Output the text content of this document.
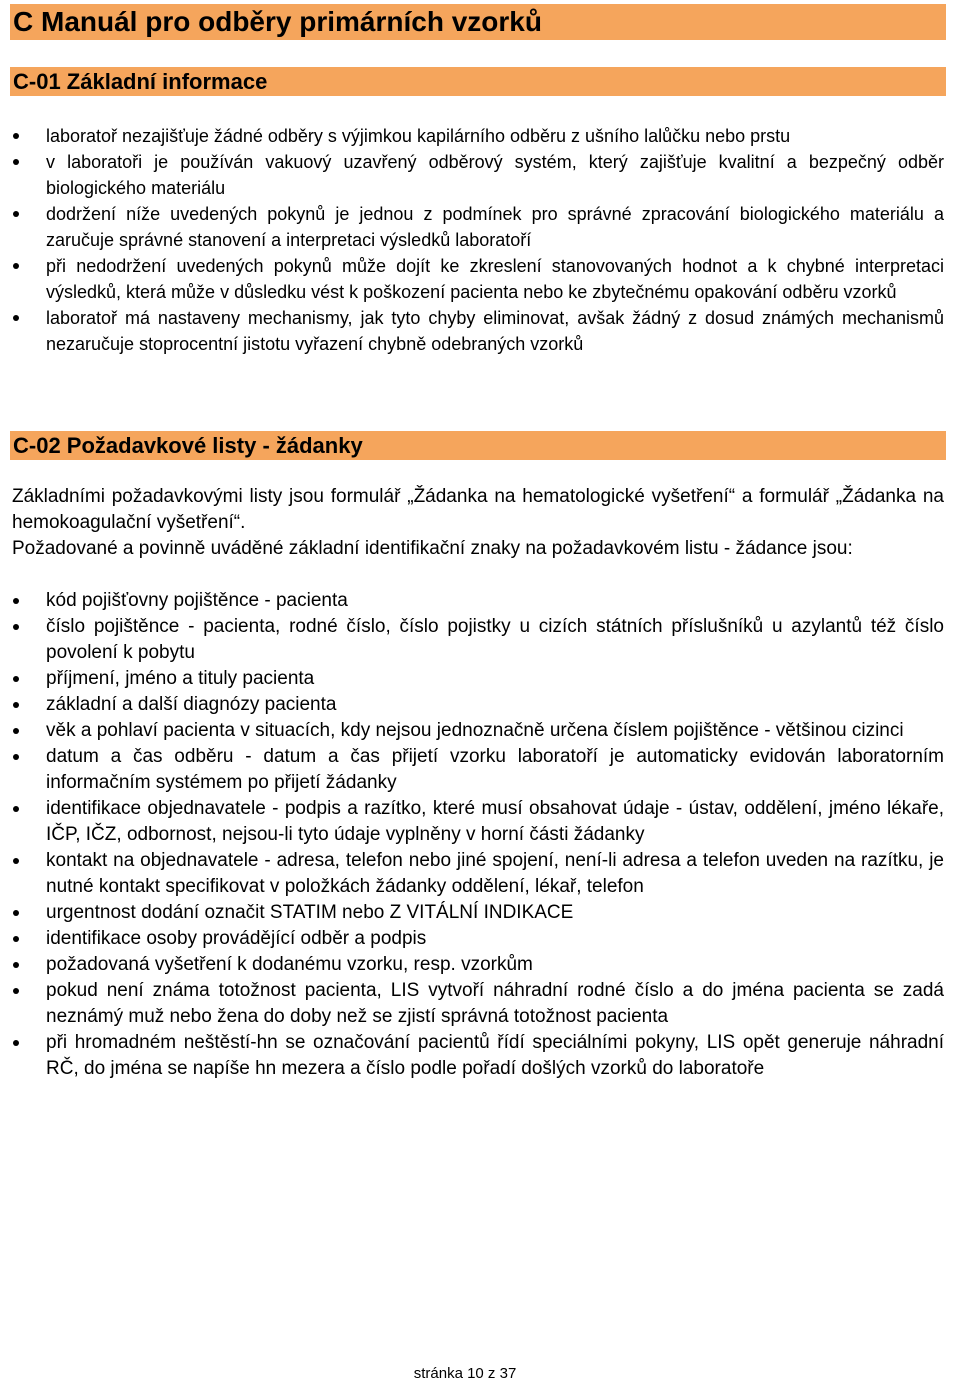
C Manuál pro odběry primárních vzorků
C-01 Základní informace
laboratoř nezajišťuje žádné odběry s výjimkou kapilárního odběru z ušního lalůčku nebo prstu
v laboratoři je používán vakuový uzavřený odběrový systém, který zajišťuje kvalitní a bezpečný odběr biologického materiálu
dodržení níže uvedených pokynů je jednou z podmínek pro správné zpracování biologického materiálu a zaručuje správné stanovení a interpretaci výsledků laboratoří
při nedodržení uvedených pokynů může dojít ke zkreslení stanovovaných hodnot a k chybné interpretaci výsledků, která může v důsledku vést k poškození pacienta nebo ke zbytečnému opakování odběru vzorků
laboratoř má nastaveny mechanismy, jak tyto chyby eliminovat, avšak žádný z dosud známých mechanismů nezaručuje stoprocentní jistotu vyřazení chybně odebraných vzorků
C-02 Požadavkové listy - žádanky

Základními požadavkovými listy jsou formulář „Žádanka na hematologické vyšetření“ a formulář „Žádanka na hemokoagulační vyšetření“.

Požadované a povinně uváděné základní identifikační znaky na požadavkovém listu - žádance jsou:

kód pojišťovny pojištěnce - pacienta
číslo pojištěnce - pacienta, rodné číslo, číslo pojistky u cizích státních příslušníků u azylantů též číslo povolení k pobytu
příjmení, jméno a tituly pacienta
základní a další diagnózy pacienta
věk a pohlaví pacienta v situacích, kdy nejsou jednoznačně určena číslem pojištěnce - většinou cizinci
datum a čas odběru - datum a čas přijetí vzorku laboratoří je automaticky evidován laboratorním informačním systémem po přijetí žádanky
identifikace objednavatele - podpis a razítko, které musí obsahovat údaje - ústav, oddělení, jméno lékaře, IČP, IČZ, odbornost, nejsou-li tyto údaje vyplněny v horní části žádanky
kontakt na objednavatele - adresa, telefon nebo jiné spojení, není-li adresa a telefon uveden na razítku, je nutné kontakt specifikovat v položkách žádanky oddělení, lékař, telefon
urgentnost dodání označit STATIM nebo Z VITÁLNÍ INDIKACE
identifikace osoby provádějící odběr a podpis
požadovaná vyšetření k dodanému vzorku, resp. vzorkům
pokud není známa totožnost pacienta, LIS vytvoří náhradní rodné číslo a do jména pacienta se zadá neznámý muž nebo žena do doby než se zjistí správná totožnost pacienta
při hromadném neštěstí-hn se označování pacientů řídí speciálními pokyny, LIS opět generuje náhradní RČ, do jména se napíše hn mezera a číslo podle pořadí došlých vzorků do laboratoře
stránka 10 z 37
